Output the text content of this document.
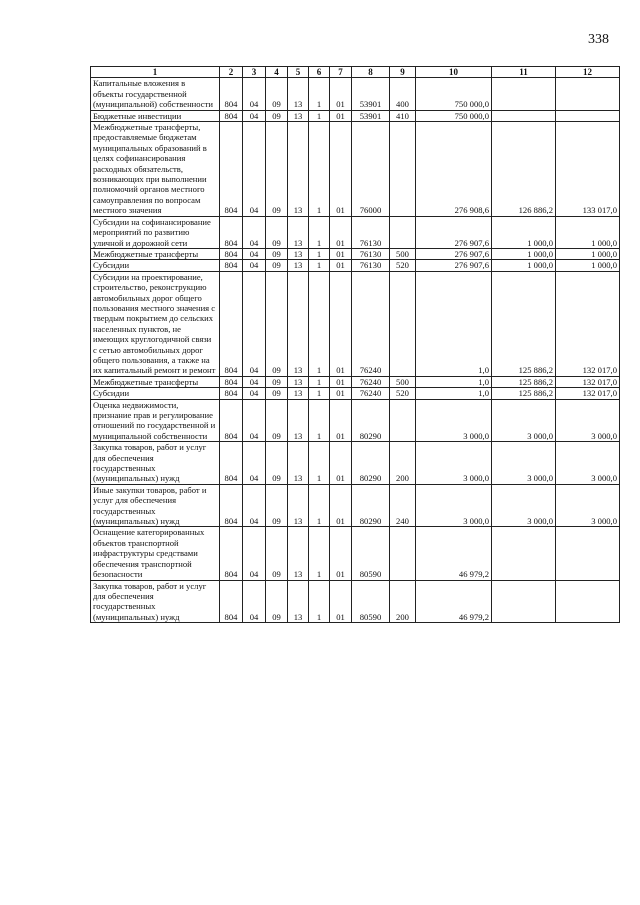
338
1	2	3	4	5	6	7	8	9	10	11	12
Капитальные вложения в объекты государственной (муниципальной) собственности	804	04	09	13	1	01	53901	400	750 000,0		
Бюджетные инвестиции	804	04	09	13	1	01	53901	410	750 000,0		
Межбюджетные трансферты, предоставляемые бюджетам муниципальных образований в целях софинансирования расходных обязательств, возникающих при выполнении полномочий органов местного самоуправления по вопросам местного значения	804	04	09	13	1	01	76000		276 908,6	126 886,2	133 017,0
Субсидии на софинансирование мероприятий по развитию уличной и дорожной сети	804	04	09	13	1	01	76130		276 907,6	1 000,0	1 000,0
Межбюджетные трансферты	804	04	09	13	1	01	76130	500	276 907,6	1 000,0	1 000,0
Субсидии	804	04	09	13	1	01	76130	520	276 907,6	1 000,0	1 000,0
Субсидии на проектирование, строительство, реконструкцию автомобильных дорог общего пользования местного значения с твердым покрытием до сельских населенных пунктов, не имеющих круглогодичной связи с сетью автомобильных дорог общего пользования, а также на их капитальный ремонт и ремонт	804	04	09	13	1	01	76240		1,0	125 886,2	132 017,0
Межбюджетные трансферты	804	04	09	13	1	01	76240	500	1,0	125 886,2	132 017,0
Субсидии	804	04	09	13	1	01	76240	520	1,0	125 886,2	132 017,0
Оценка недвижимости, признание прав и регулирование отношений по государственной и муниципальной собственности	804	04	09	13	1	01	80290		3 000,0	3 000,0	3 000,0
Закупка товаров, работ и услуг для обеспечения государственных (муниципальных) нужд	804	04	09	13	1	01	80290	200	3 000,0	3 000,0	3 000,0
Иные закупки товаров, работ и услуг для обеспечения государственных (муниципальных) нужд	804	04	09	13	1	01	80290	240	3 000,0	3 000,0	3 000,0
Оснащение категорированных объектов транспортной инфраструктуры средствами обеспечения транспортной безопасности	804	04	09	13	1	01	80590		46 979,2		
Закупка товаров, работ и услуг для обеспечения государственных (муниципальных) нужд	804	04	09	13	1	01	80590	200	46 979,2		
